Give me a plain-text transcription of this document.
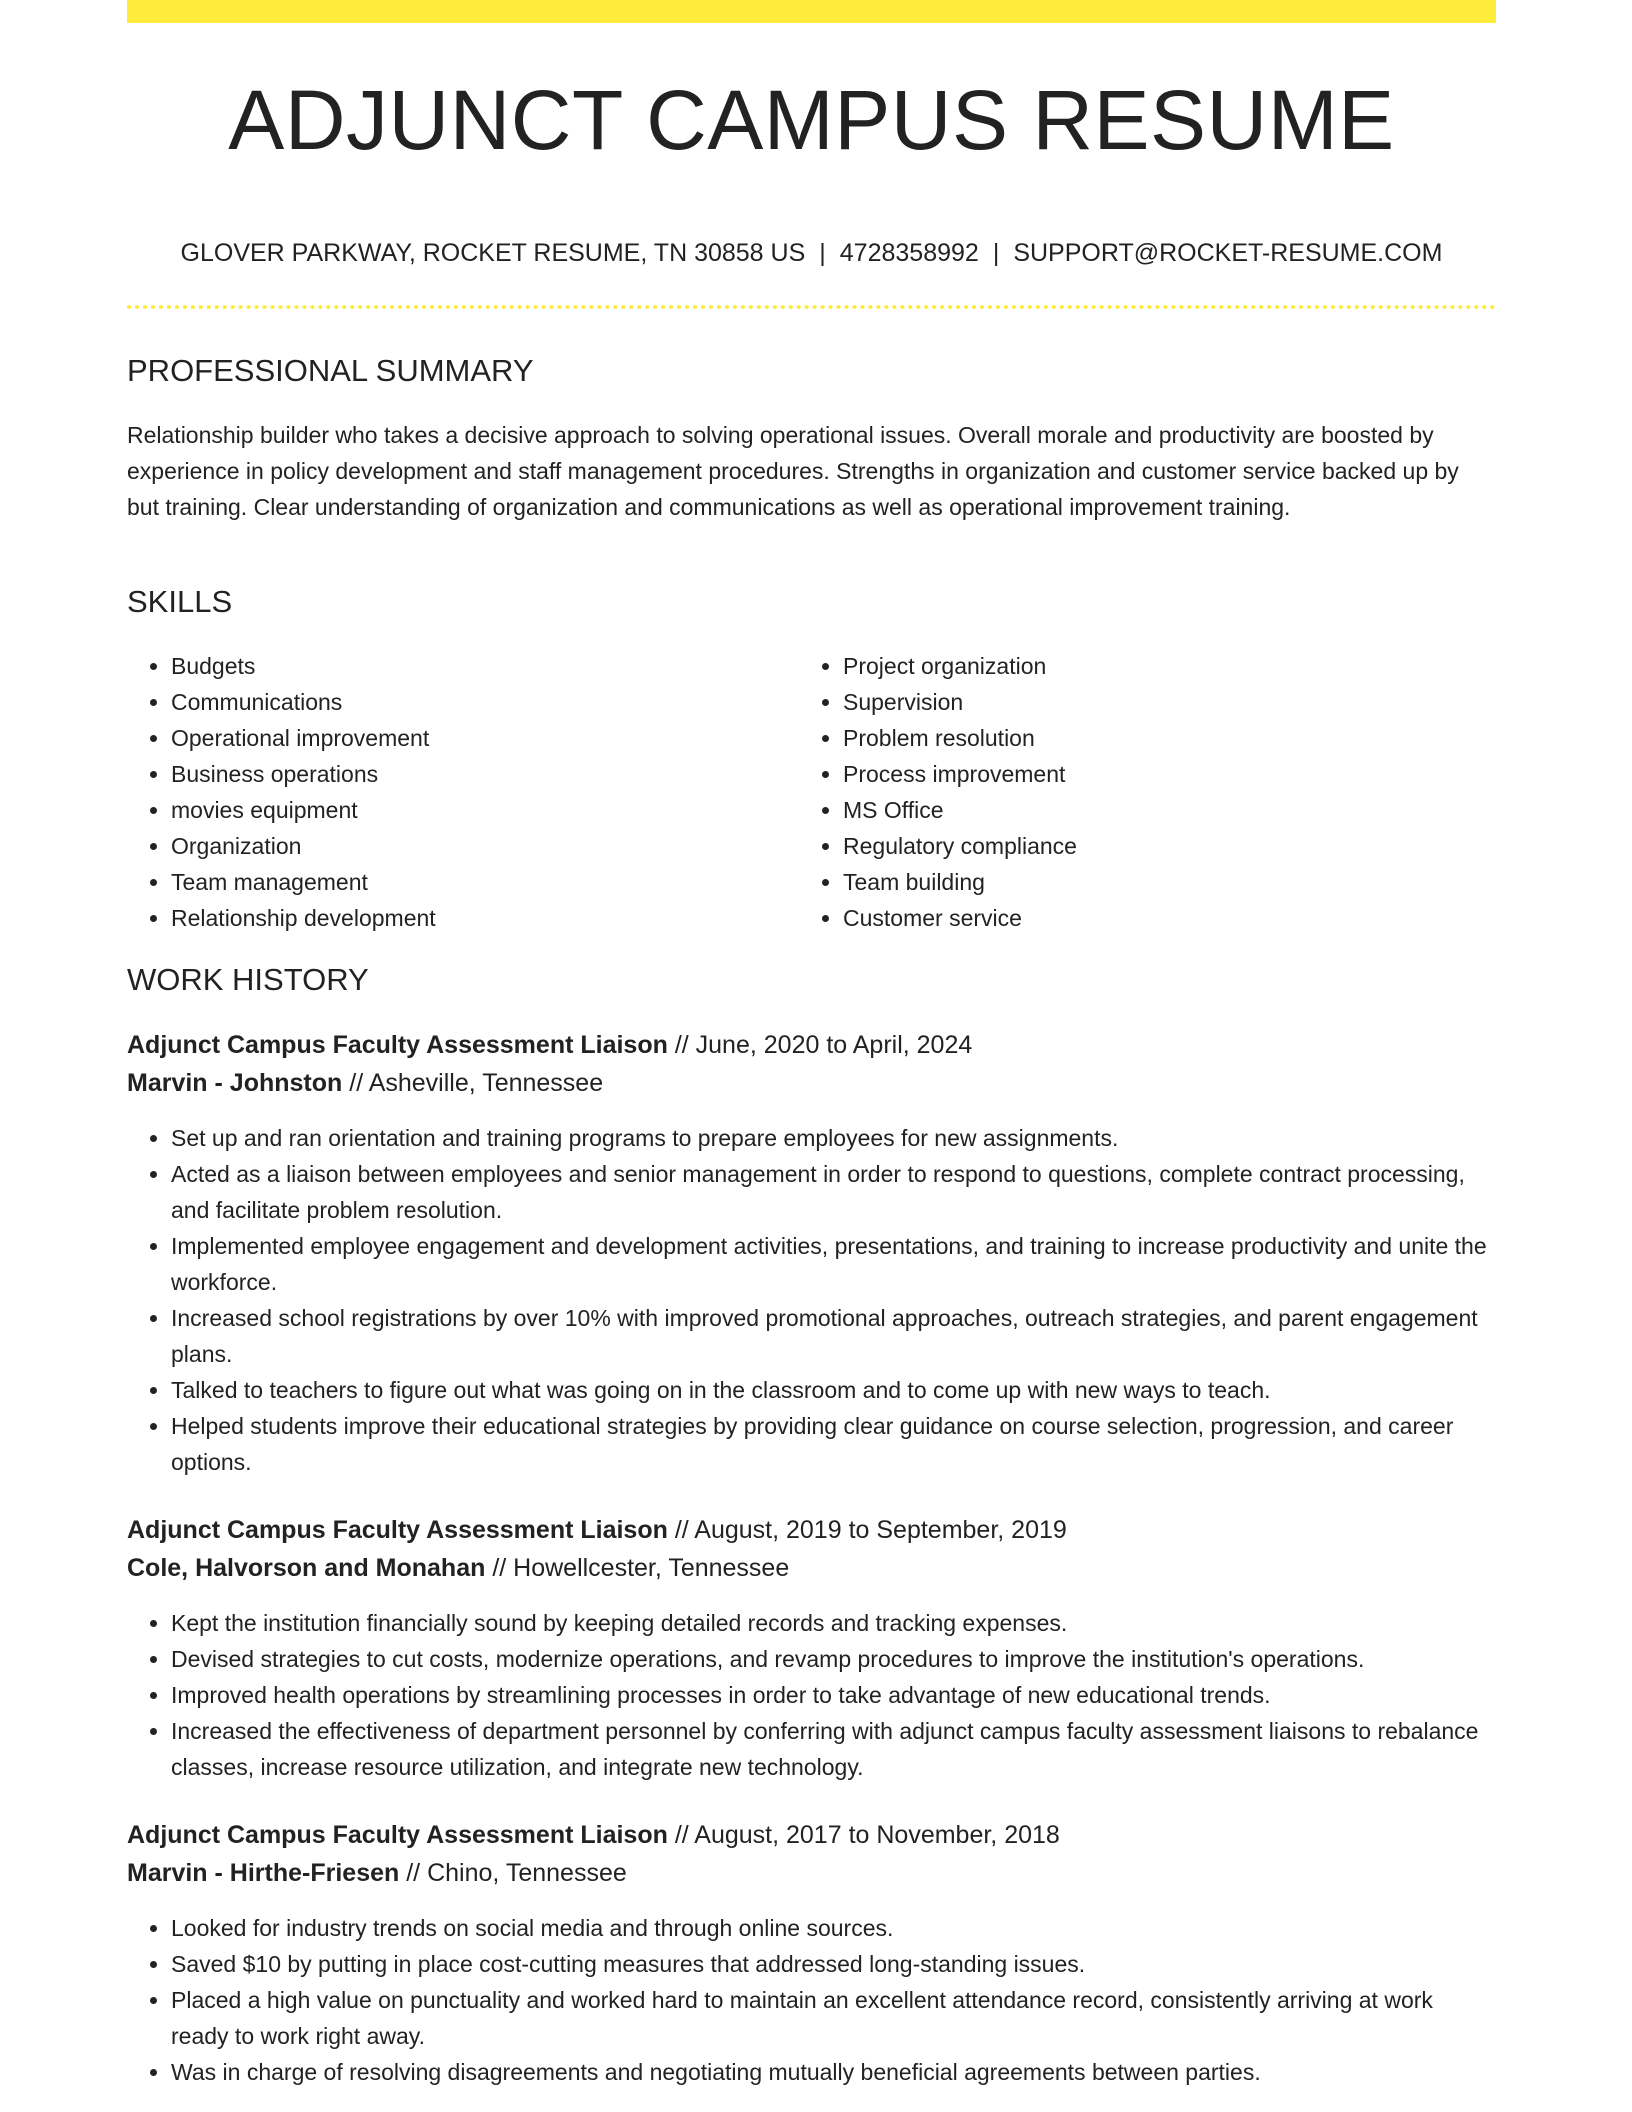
ADJUNCT CAMPUS RESUME
GLOVER PARKWAY, ROCKET RESUME, TN 30858 US | 4728358992 | SUPPORT@ROCKET-RESUME.COM
PROFESSIONAL SUMMARY

Relationship builder who takes a decisive approach to solving operational issues. Overall morale and productivity are boosted by experience in policy development and staff management procedures. Strengths in organization and customer service backed up by but training. Clear understanding of organization and communications as well as operational improvement training.

SKILLS
• Budgets
• Communications
• Operational improvement
• Business operations
• movies equipment
• Organization
• Team management
• Relationship development
• Project organization
• Supervision
• Problem resolution
• Process improvement
• MS Office
• Regulatory compliance
• Team building
• Customer service
WORK HISTORY
Adjunct Campus Faculty Assessment Liaison // June, 2020 to April, 2024
Marvin - Johnston // Asheville, Tennessee
• Set up and ran orientation and training programs to prepare employees for new assignments.
• Acted as a liaison between employees and senior management in order to respond to questions, complete contract processing, and facilitate problem resolution.
• Implemented employee engagement and development activities, presentations, and training to increase productivity and unite the workforce.
• Increased school registrations by over 10% with improved promotional approaches, outreach strategies, and parent engagement plans.
• Talked to teachers to figure out what was going on in the classroom and to come up with new ways to teach.
• Helped students improve their educational strategies by providing clear guidance on course selection, progression, and career options.
Adjunct Campus Faculty Assessment Liaison // August, 2019 to September, 2019
Cole, Halvorson and Monahan // Howellcester, Tennessee
• Kept the institution financially sound by keeping detailed records and tracking expenses.
• Devised strategies to cut costs, modernize operations, and revamp procedures to improve the institution's operations.
• Improved health operations by streamlining processes in order to take advantage of new educational trends.
• Increased the effectiveness of department personnel by conferring with adjunct campus faculty assessment liaisons to rebalance classes, increase resource utilization, and integrate new technology.
Adjunct Campus Faculty Assessment Liaison // August, 2017 to November, 2018
Marvin - Hirthe-Friesen // Chino, Tennessee
• Looked for industry trends on social media and through online sources.
• Saved $10 by putting in place cost-cutting measures that addressed long-standing issues.
• Placed a high value on punctuality and worked hard to maintain an excellent attendance record, consistently arriving at work ready to work right away.
• Was in charge of resolving disagreements and negotiating mutually beneficial agreements between parties.
